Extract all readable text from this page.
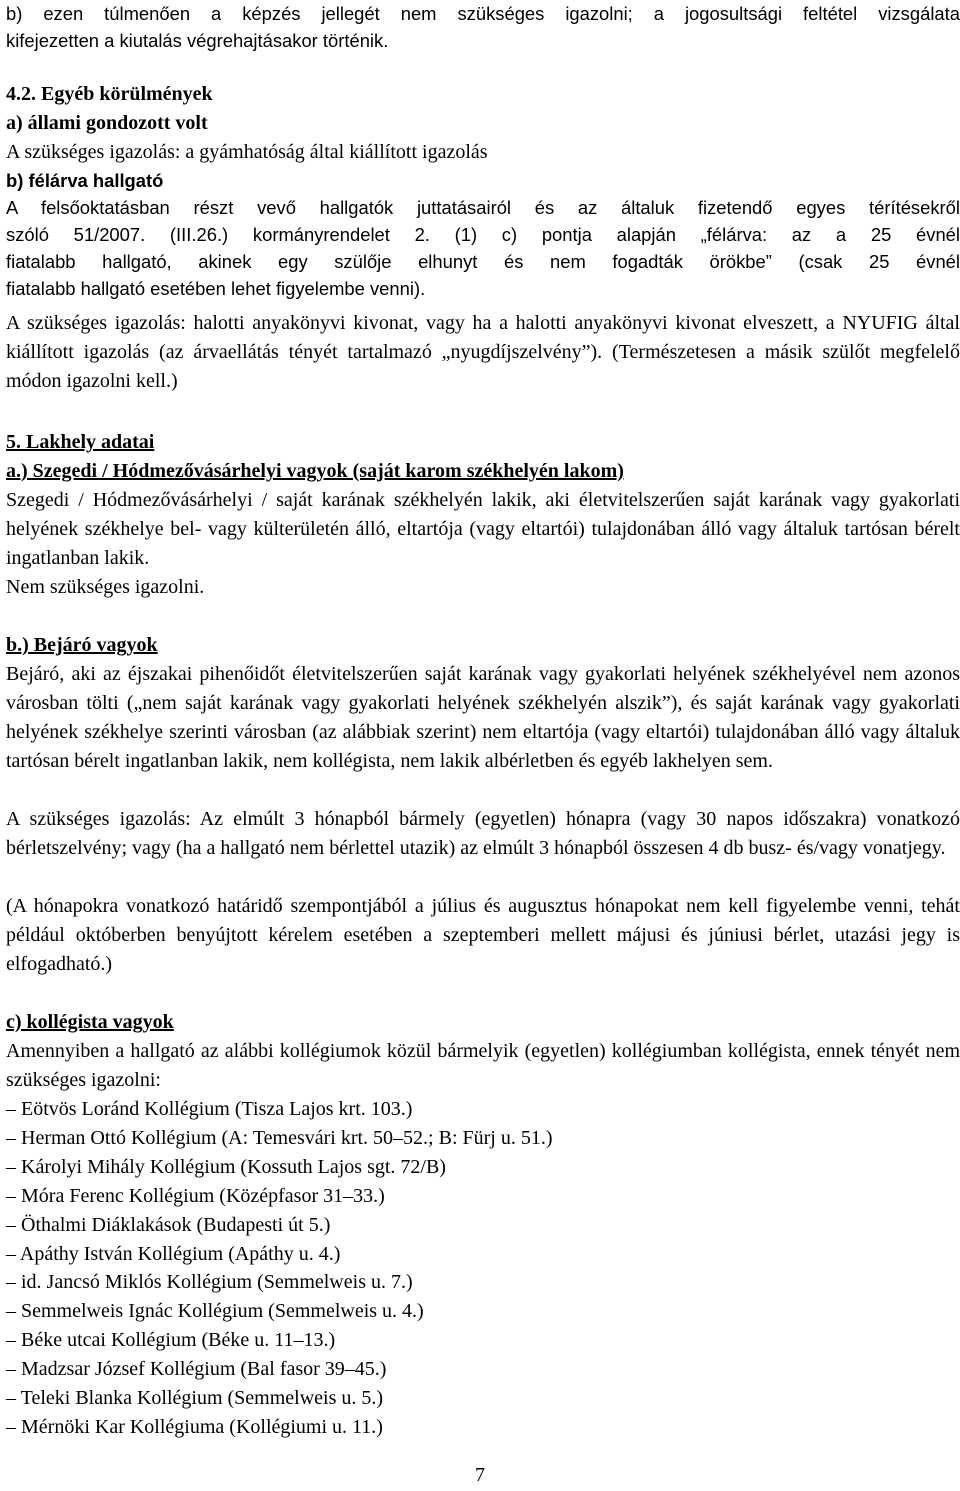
b) ezen túlmenően a képzés jellegét nem szükséges igazolni; a jogosultsági feltétel vizsgálata
kifejezetten a kiutalás végrehajtásakor történik.
4.2. Egyéb körülmények
a) állami gondozott volt
A szükséges igazolás: a gyámhatóság által kiállított igazolás
b) félárva hallgató
A felsőoktatásban részt vevő hallgatók juttatásairól és az általuk fizetendő egyes térítésekről
szóló 51/2007. (III.26.) kormányrendelet 2. (1) c) pontja alapján „félárva: az a 25 évnél
fiatalabb hallgató, akinek egy szülője elhunyt és nem fogadták örökbe” (csak 25 évnél
fiatalabb hallgató esetében lehet figyelembe venni).
A szükséges igazolás: halotti anyakönyvi kivonat, vagy ha a halotti anyakönyvi kivonat elveszett, a NYUFIG által kiállított igazolás (az árvaellátás tényét tartalmazó „nyugdíjszelvény”). (Természetesen a másik szülőt megfelelő módon igazolni kell.)
5. Lakhely adatai
a.) Szegedi / Hódmezővásárhelyi vagyok (saját karom székhelyén lakom)
Szegedi / Hódmezővásárhelyi / saját karának székhelyén lakik, aki életvitelszerűen saját karának vagy gyakorlati helyének székhelye bel- vagy külterületén álló, eltartója (vagy eltartói) tulajdonában álló vagy általuk tartósan bérelt ingatlanban lakik.
Nem szükséges igazolni.
b.) Bejáró vagyok
Bejáró, aki az éjszakai pihenőidőt életvitelszerűen saját karának vagy gyakorlati helyének székhelyével nem azonos városban tölti („nem saját karának vagy gyakorlati helyének székhelyén alszik”), és saját karának vagy gyakorlati helyének székhelye szerinti városban (az alábbiak szerint) nem eltartója (vagy eltartói) tulajdonában álló vagy általuk tartósan bérelt ingatlanban lakik, nem kollégista, nem lakik albérletben és egyéb lakhelyen sem.
A szükséges igazolás: Az elmúlt 3 hónapból bármely (egyetlen) hónapra (vagy 30 napos időszakra) vonatkozó bérletszelvény; vagy (ha a hallgató nem bérlettel utazik) az elmúlt 3 hónapból összesen 4 db busz- és/vagy vonatjegy.
(A hónapokra vonatkozó határidő szempontjából a július és augusztus hónapokat nem kell figyelembe venni, tehát például októberben benyújtott kérelem esetében a szeptemberi mellett májusi és júniusi bérlet, utazási jegy is elfogadható.)
c) kollégista vagyok
Amennyiben a hallgató az alábbi kollégiumok közül bármelyik (egyetlen) kollégiumban kollégista, ennek tényét nem szükséges igazolni:
– Eötvös Loránd Kollégium (Tisza Lajos krt. 103.)
– Herman Ottó Kollégium (A: Temesvári krt. 50–52.; B: Fürj u. 51.)
– Károlyi Mihály Kollégium (Kossuth Lajos sgt. 72/B)
– Móra Ferenc Kollégium (Középfasor 31–33.)
– Öthalmi Diáklakások (Budapesti út 5.)
– Apáthy István Kollégium (Apáthy u. 4.)
– id. Jancsó Miklós Kollégium (Semmelweis u. 7.)
– Semmelweis Ignác Kollégium (Semmelweis u. 4.)
– Béke utcai Kollégium (Béke u. 11–13.)
– Madzsar József Kollégium (Bal fasor 39–45.)
– Teleki Blanka Kollégium (Semmelweis u. 5.)
– Mérnöki Kar Kollégiuma (Kollégiumi u. 11.)
7
